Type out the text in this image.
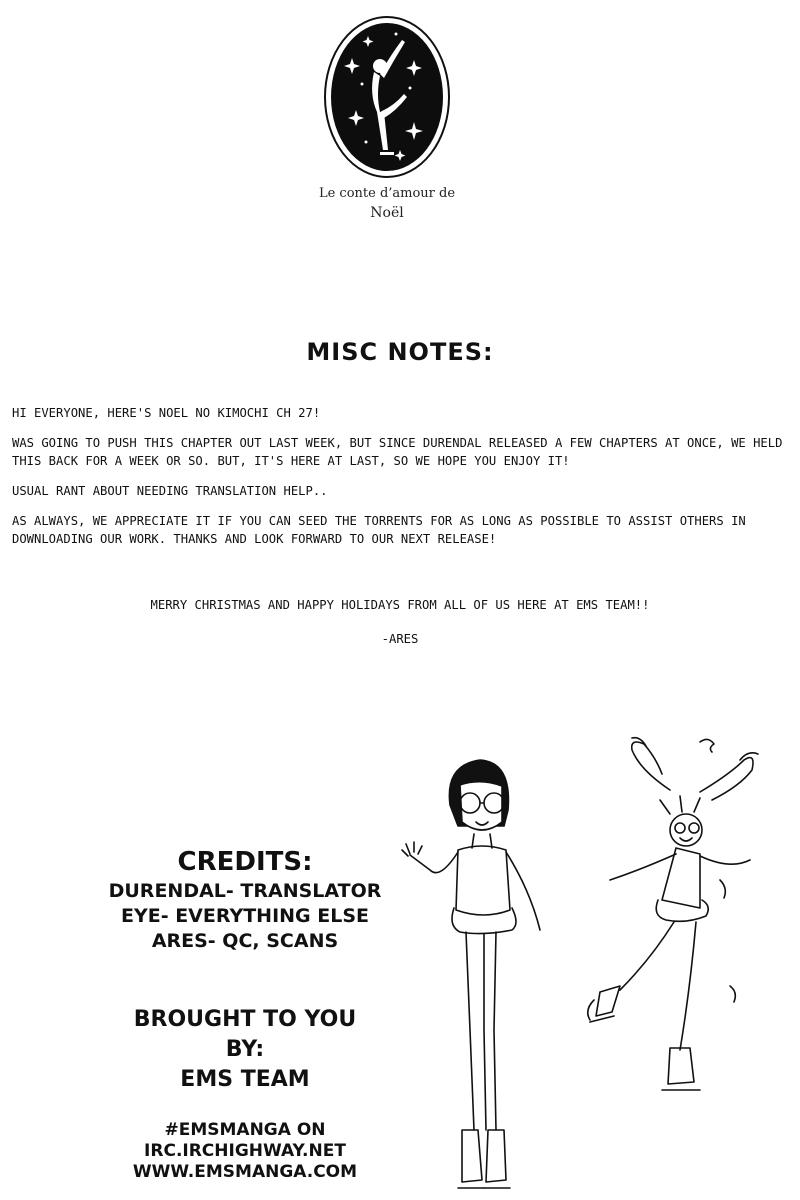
Le conte d’amour de
Noël
MISC NOTES:

HI EVERYONE, HERE'S NOEL NO KIMOCHI CH 27!

WAS GOING TO PUSH THIS CHAPTER OUT LAST WEEK, BUT SINCE DURENDAL RELEASED A FEW CHAPTERS AT ONCE, WE HELD THIS BACK FOR A WEEK OR SO. BUT, IT'S HERE AT LAST, SO WE HOPE YOU ENJOY IT!

USUAL RANT ABOUT NEEDING TRANSLATION HELP..

AS ALWAYS, WE APPRECIATE IT IF YOU CAN SEED THE TORRENTS FOR AS LONG AS POSSIBLE TO ASSIST OTHERS IN DOWNLOADING OUR WORK. THANKS AND LOOK FORWARD TO OUR NEXT RELEASE!

MERRY CHRISTMAS AND HAPPY HOLIDAYS FROM ALL OF US HERE AT EMS TEAM!!
-ARES
CREDITS:
DURENDAL- TRANSLATOR
EYE- EVERYTHING ELSE
ARES- QC, SCANS
BROUGHT TO YOU
BY:
EMS TEAM
#EMSMANGA ON
IRC.IRCHIGHWAY.NET
WWW.EMSMANGA.COM
